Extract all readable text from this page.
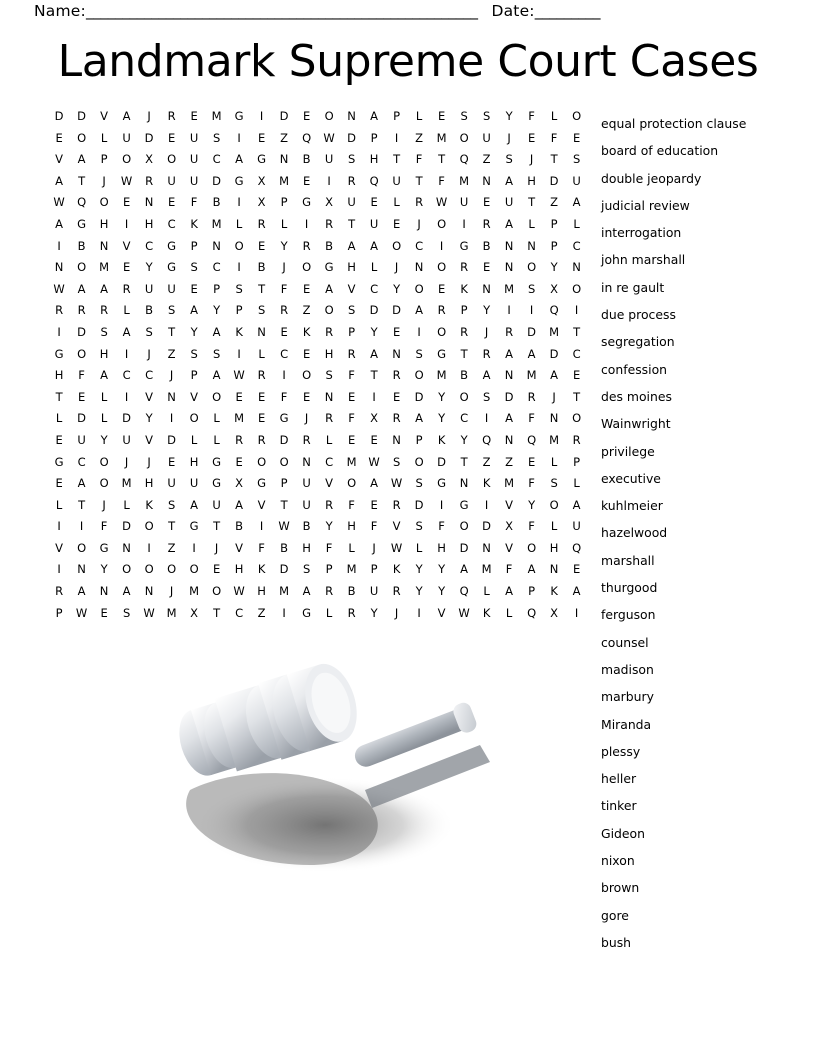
Name: ______________________________________________________ Date: _________
Landmark Supreme Court Cases
D	D	V	A	J	R	E	M	G	I	D	E	O	N	A	P	L	E	S	S	Y	F	L	O
E	O	L	U	D	E	U	S	I	E	Z	Q	W	D	P	I	Z	M	O	U	J	E	F	E
V	A	P	O	X	O	U	C	A	G	N	B	U	S	H	T	F	T	Q	Z	S	J	T	S
A	T	J	W	R	U	U	D	G	X	M	E	I	R	Q	U	T	F	M	N	A	H	D	U
W	Q	O	E	N	E	F	B	I	X	P	G	X	U	E	L	R	W	U	E	U	T	Z	A
A	G	H	I	H	C	K	M	L	R	L	I	R	T	U	E	J	O	I	R	A	L	P	L
I	B	N	V	C	G	P	N	O	E	Y	R	B	A	A	O	C	I	G	B	N	N	P	C
N	O	M	E	Y	G	S	C	I	B	J	O	G	H	L	J	N	O	R	E	N	O	Y	N
W	A	A	R	U	U	E	P	S	T	F	E	A	V	C	Y	O	E	K	N	M	S	X	O
R	R	R	L	B	S	A	Y	P	S	R	Z	O	S	D	D	A	R	P	Y	I	I	Q	I
I	D	S	A	S	T	Y	A	K	N	E	K	R	P	Y	E	I	O	R	J	R	D	M	T
G	O	H	I	J	Z	S	S	I	L	C	E	H	R	A	N	S	G	T	R	A	A	D	C
H	F	A	C	C	J	P	A	W	R	I	O	S	F	T	R	O	M	B	A	N	M	A	E
T	E	L	I	V	N	V	O	E	E	F	E	N	E	I	E	D	Y	O	S	D	R	J	T
L	D	L	D	Y	I	O	L	M	E	G	J	R	F	X	R	A	Y	C	I	A	F	N	O
E	U	Y	U	V	D	L	L	R	R	D	R	L	E	E	N	P	K	Y	Q	N	Q	M	R
G	C	O	J	J	E	H	G	E	O	O	N	C	M	W	S	O	D	T	Z	Z	E	L	P
E	A	O	M	H	U	U	G	X	G	P	U	V	O	A	W	S	G	N	K	M	F	S	L
L	T	J	L	K	S	A	U	A	V	T	U	R	F	E	R	D	I	G	I	V	Y	O	A
I	I	F	D	O	T	G	T	B	I	W	B	Y	H	F	V	S	F	O	D	X	F	L	U
V	O	G	N	I	Z	I	J	V	F	B	H	F	L	J	W	L	H	D	N	V	O	H	Q
I	N	Y	O	O	O	O	E	H	K	D	S	P	M	P	K	Y	Y	A	M	F	A	N	E
R	A	N	A	N	J	M	O	W	H	M	A	R	B	U	R	Y	Y	Q	L	A	P	K	A
P	W	E	S	W	M	X	T	C	Z	I	G	L	R	Y	J	I	V	W	K	L	Q	X	I
equal protection clause
board of education
double jeopardy
judicial review
interrogation
john marshall
in re gault
due process
segregation
confession
des moines
Wainwright
privilege
executive
kuhlmeier
hazelwood
marshall
thurgood
ferguson
counsel
madison
marbury
Miranda
plessy
heller
tinker
Gideon
nixon
brown
gore
bush
